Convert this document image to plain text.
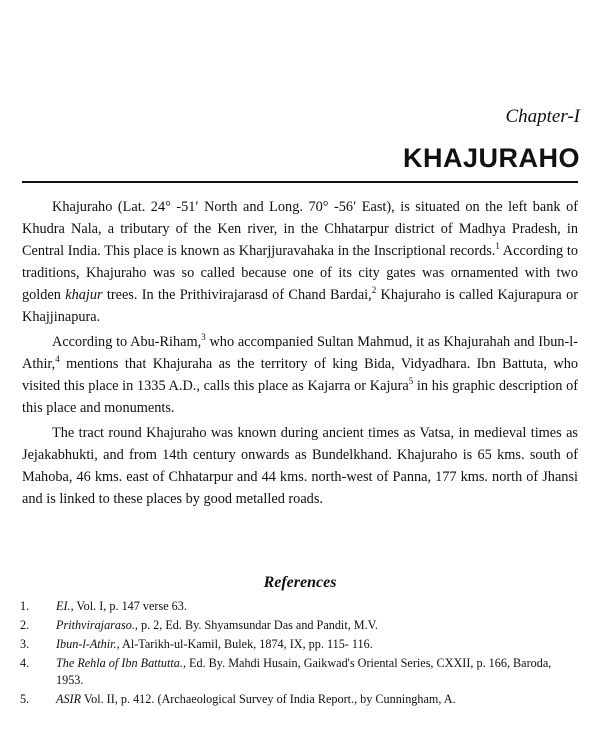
Chapter-I
KHAJURAHO

Khajuraho (Lat. 24° -51′ North and Long. 70° -56′ East), is situated on the left bank of Khudra Nala, a tributary of the Ken river, in the Chhatarpur district of Madhya Pradesh, in Central India. This place is known as Kharjjuravahaka in the Inscriptional records.$^1$ According to traditions, Khajuraho was so called because one of its city gates was ornamented with two golden khajur trees. In the Prithivirajarasd of Chand Bardai,$^2$ Khajuraho is called Kajurapura or Khajjinapura.

According to Abu-Riham,$^3$ who accompanied Sultan Mahmud, it as Khajurahah and Ibun-l-Athir,$^4$ mentions that Khajuraha as the territory of king Bida, Vidyadhara. Ibn Battuta, who visited this place in 1335 A.D., calls this place as Kajarra or Kajura$^5$ in his graphic description of this place and monuments.

The tract round Khajuraho was known during ancient times as Vatsa, in medieval times as Jejakabhukti, and from 14th century onwards as Bundelkhand. Khajuraho is 65 kms. south of Mahoba, 46 kms. east of Chhatarpur and 44 kms. north-west of Panna, 177 kms. north of Jhansi and is linked to these places by good metalled roads.

References
1. EI., Vol. I, p. 147 verse 63.
2. Prithvirajaraso., p. 2, Ed. By. Shyamsundar Das and Pandit, M.V.
3. Ibun-l-Athir., Al-Tarikh-ul-Kamil, Bulek, 1874, IX, pp. 115- 116.
4. The Rehla of Ibn Battutta., Ed. By. Mahdi Husain, Gaikwad's Oriental Series, CXXII, p. 166, Baroda, 1953.
5. ASIR Vol. II, p. 412. (Archaeological Survey of India Report., by Cunningham, A.
